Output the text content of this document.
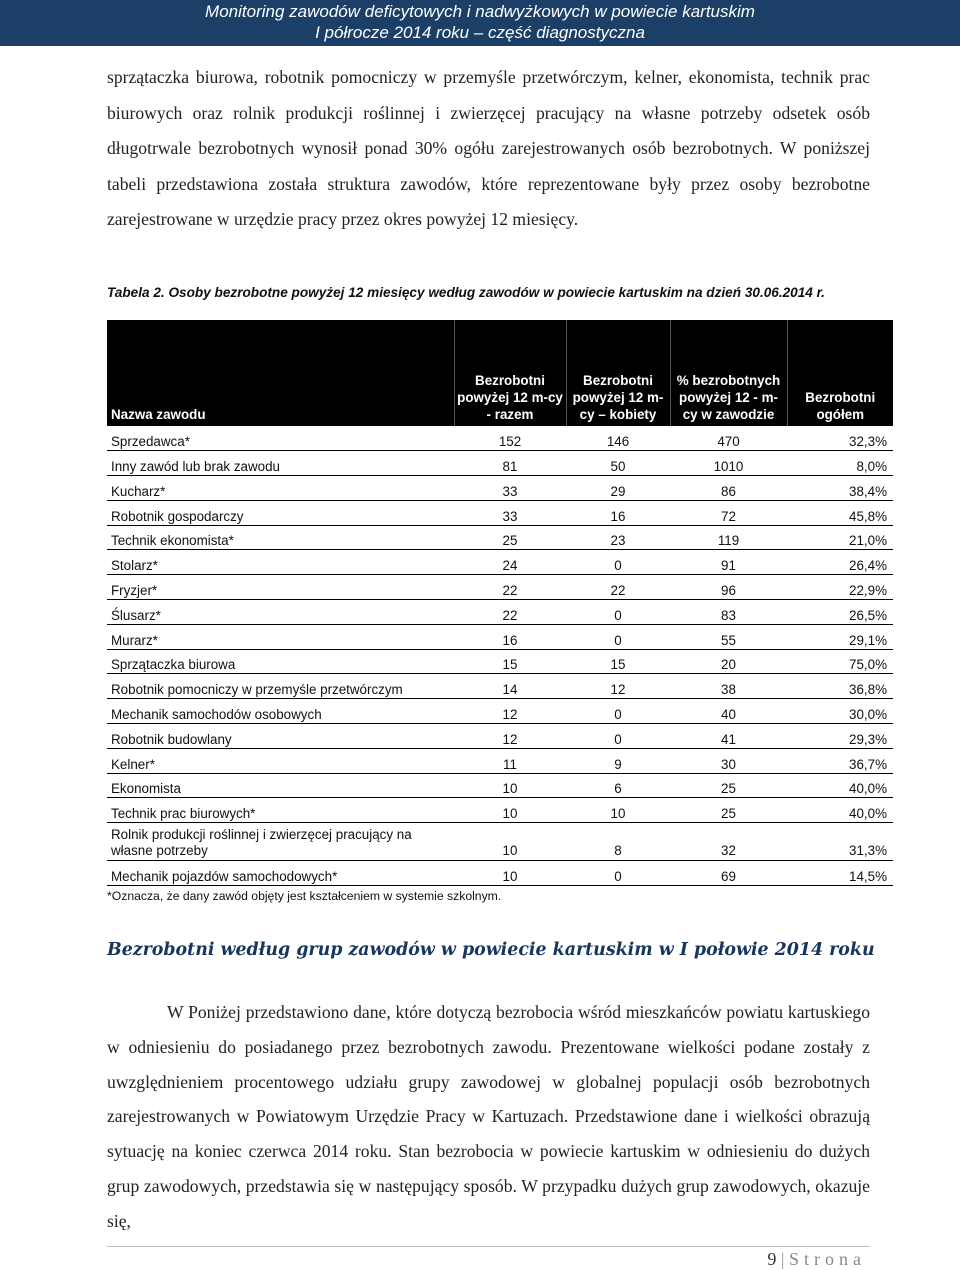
Monitoring zawodów deficytowych i nadwyżkowych w powiecie kartuskim
I półrocze 2014 roku – część diagnostyczna
sprzątaczka biurowa, robotnik pomocniczy w przemyśle przetwórczym, kelner, ekonomista, technik prac biurowych oraz rolnik produkcji roślinnej i zwierzęcej pracujący na własne potrzeby odsetek osób długotrwale bezrobotnych wynosił ponad 30% ogółu zarejestrowanych osób bezrobotnych. W poniższej tabeli przedstawiona została struktura zawodów, które reprezentowane były przez osoby bezrobotne zarejestrowane w urzędzie pracy przez okres powyżej 12 miesięcy.
Tabela 2. Osoby bezrobotne powyżej 12 miesięcy według zawodów w powiecie kartuskim na dzień 30.06.2014 r.
Nazwa zawodu	Bezrobotni powyżej 12 m-cy - razem	Bezrobotni powyżej 12 m-cy – kobiety	% bezrobotnych powyżej 12 - m-cy w zawodzie	Bezrobotni ogółem
Sprzedawca*	152	146	470	32,3%
Inny zawód lub brak zawodu	81	50	1010	8,0%
Kucharz*	33	29	86	38,4%
Robotnik gospodarczy	33	16	72	45,8%
Technik ekonomista*	25	23	119	21,0%
Stolarz*	24	0	91	26,4%
Fryzjer*	22	22	96	22,9%
Ślusarz*	22	0	83	26,5%
Murarz*	16	0	55	29,1%
Sprzątaczka biurowa	15	15	20	75,0%
Robotnik pomocniczy w przemyśle przetwórczym	14	12	38	36,8%
Mechanik samochodów osobowych	12	0	40	30,0%
Robotnik budowlany	12	0	41	29,3%
Kelner*	11	9	30	36,7%
Ekonomista	10	6	25	40,0%
Technik prac biurowych*	10	10	25	40,0%
Rolnik produkcji roślinnej i zwierzęcej pracujący na własne potrzeby	10	8	32	31,3%
Mechanik pojazdów samochodowych*	10	0	69	14,5%
*Oznacza, że dany zawód objęty jest kształceniem w systemie szkolnym.
Bezrobotni według grup zawodów w powiecie kartuskim w I połowie 2014 roku
W Poniżej przedstawiono dane, które dotyczą bezrobocia wśród mieszkańców powiatu kartuskiego w odniesieniu do posiadanego przez bezrobotnych zawodu. Prezentowane wielkości podane zostały z uwzględnieniem procentowego udziału grupy zawodowej w globalnej populacji osób bezrobotnych zarejestrowanych w Powiatowym Urzędzie Pracy w Kartuzach. Przedstawione dane i wielkości obrazują sytuację na koniec czerwca 2014 roku. Stan bezrobocia w powiecie kartuskim w odniesieniu do dużych grup zawodowych, przedstawia się w następujący sposób. W przypadku dużych grup zawodowych, okazuje się,
9 | Strona
